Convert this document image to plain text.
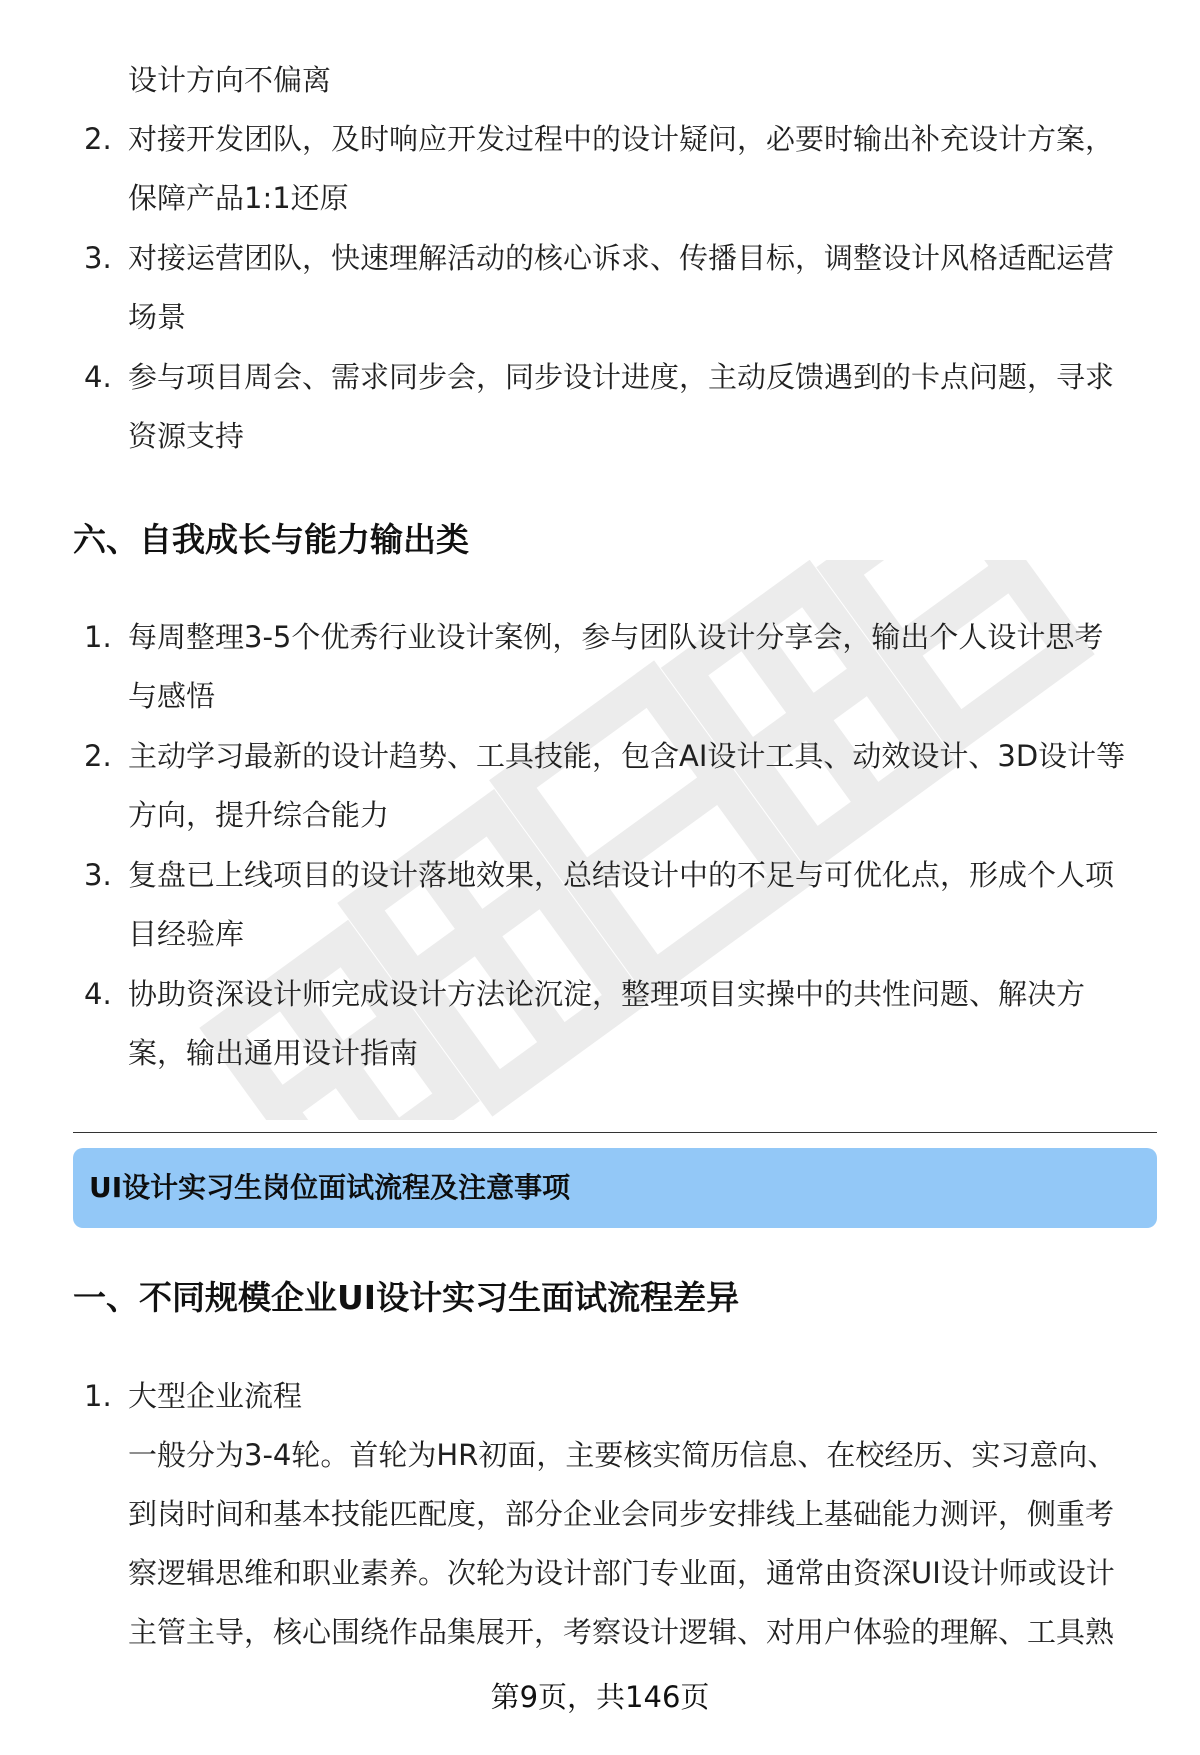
设计方向不偏离
2. 对接开发团队，及时响应开发过程中的设计疑问，必要时输出补充设计方案，
保障产品1:1还原
3. 对接运营团队，快速理解活动的核心诉求、传播目标，调整设计风格适配运营
场景
4. 参与项目周会、需求同步会，同步设计进度，主动反馈遇到的卡点问题，寻求
资源支持
六、自我成长与能力输出类
1. 每周整理3-5个优秀行业设计案例，参与团队设计分享会，输出个人设计思考
与感悟
2. 主动学习最新的设计趋势、工具技能，包含AI设计工具、动效设计、3D设计等
方向，提升综合能力
3. 复盘已上线项目的设计落地效果，总结设计中的不足与可优化点，形成个人项
目经验库
4. 协助资深设计师完成设计方法论沉淀，整理项目实操中的共性问题、解决方
案，输出通用设计指南
UI设计实习生岗位面试流程及注意事项
一、不同规模企业UI设计实习生面试流程差异
1. 大型企业流程
一般分为3-4轮。首轮为HR初面，主要核实简历信息、在校经历、实习意向、
到岗时间和基本技能匹配度，部分企业会同步安排线上基础能力测评，侧重考
察逻辑思维和职业素养。次轮为设计部门专业面，通常由资深UI设计师或设计
主管主导，核心围绕作品集展开，考察设计逻辑、对用户体验的理解、工具熟
第9页，共146页
